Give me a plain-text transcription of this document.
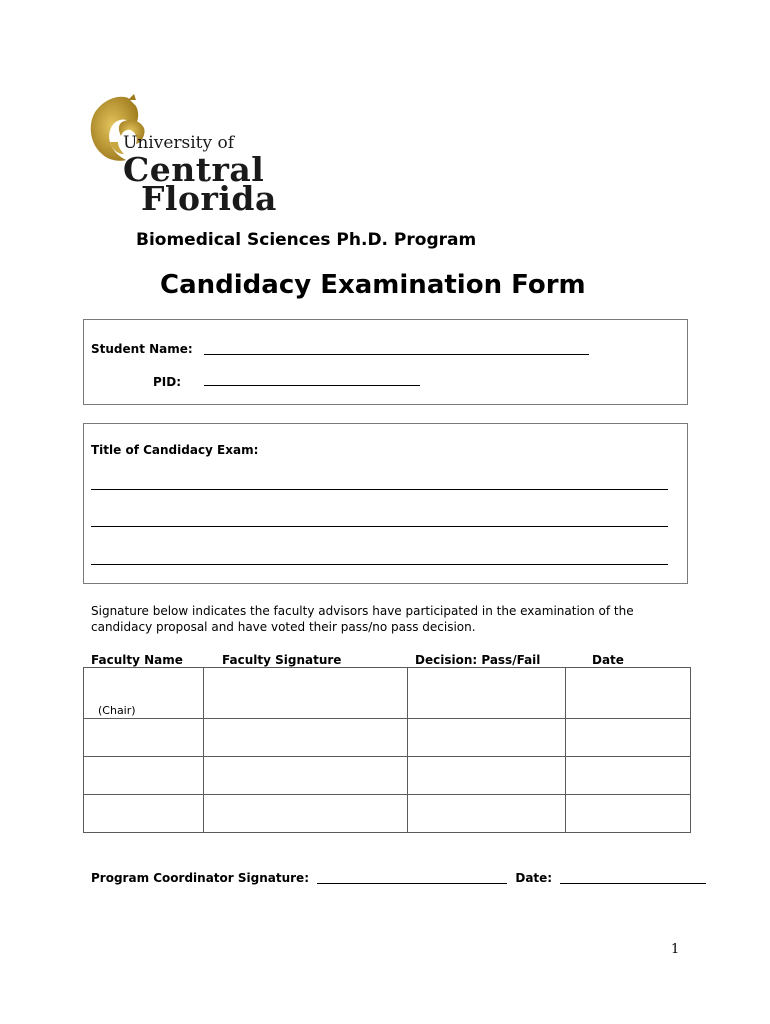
University of
Central
Florida
Biomedical Sciences Ph.D. Program
Candidacy Examination Form
Student Name:
PID:
Title of Candidacy Exam:
Signature below indicates the faculty advisors have participated in the examination of the candidacy proposal and have voted their pass/no pass decision.
Faculty Name	Faculty Signature	Decision: Pass/Fail	Date
(Chair)			

Program Coordinator Signature:	Date:
1
